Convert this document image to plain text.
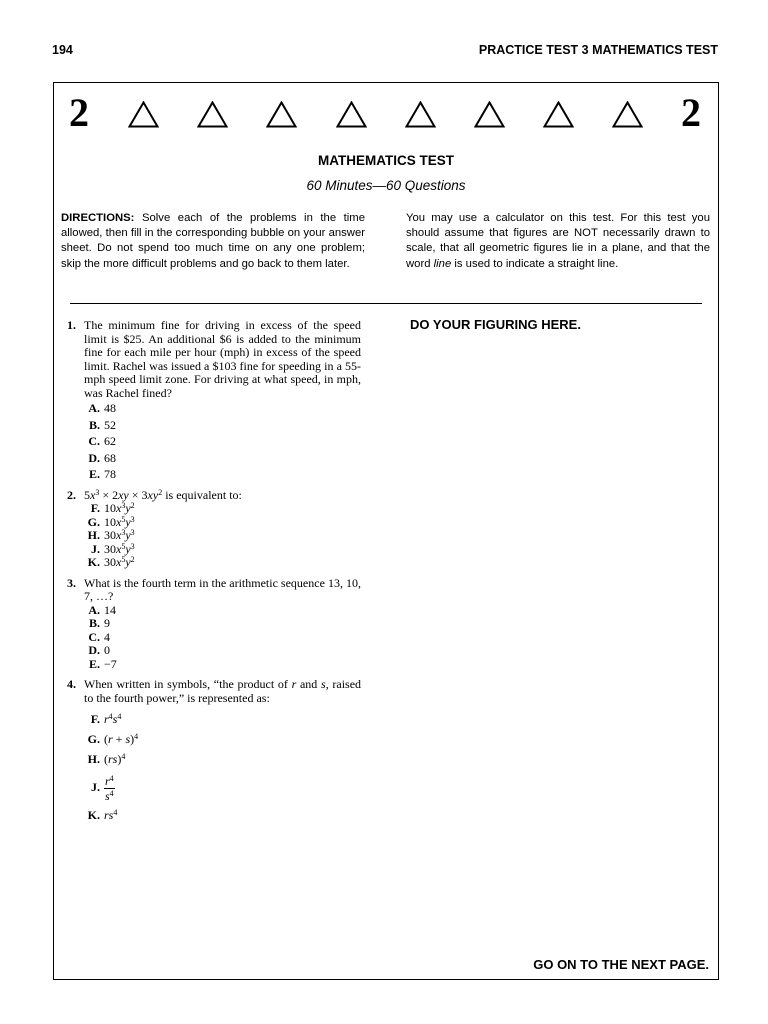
194	PRACTICE TEST 3 MATHEMATICS TEST
2	2
MATHEMATICS TEST
60 Minutes—60 Questions
DIRECTIONS: Solve each of the problems in the time allowed, then fill in the corresponding bubble on your answer sheet. Do not spend too much time on any one problem; skip the more difficult problems and go back to them later.
You may use a calculator on this test. For this test you should assume that figures are NOT necessarily drawn to scale, that all geometric figures lie in a plane, and that the word line is used to indicate a straight line.
1. The minimum fine for driving in excess of the speed limit is $25. An additional $6 is added to the minimum fine for each mile per hour (mph) in excess of the speed limit. Rachel was issued a $103 fine for speeding in a 55-mph speed limit zone. For driving at what speed, in mph, was Rachel fined?
A. 48
B. 52
C. 62
D. 68
E. 78
2. $5x^3 \times 2xy \times 3xy^2$ is equivalent to:
F. $10x^3y^2$
G. $10x^5y^3$
H. $30x^3y^3$
J. $30x^5y^3$
K. $30x^5y^2$
3. What is the fourth term in the arithmetic sequence 13, 10, 7, …?
A. 14
B. 9
C. 4
D. 0
E. −7
4. When written in symbols, “the product of r and s, raised to the fourth power,” is represented as:
F. $r^4s^4$
G. $(r + s)^4$
H. (rs)$^4$
J. $\frac{r^4}{s^4}$
K. $rs^4$
DO YOUR FIGURING HERE.
GO ON TO THE NEXT PAGE.
